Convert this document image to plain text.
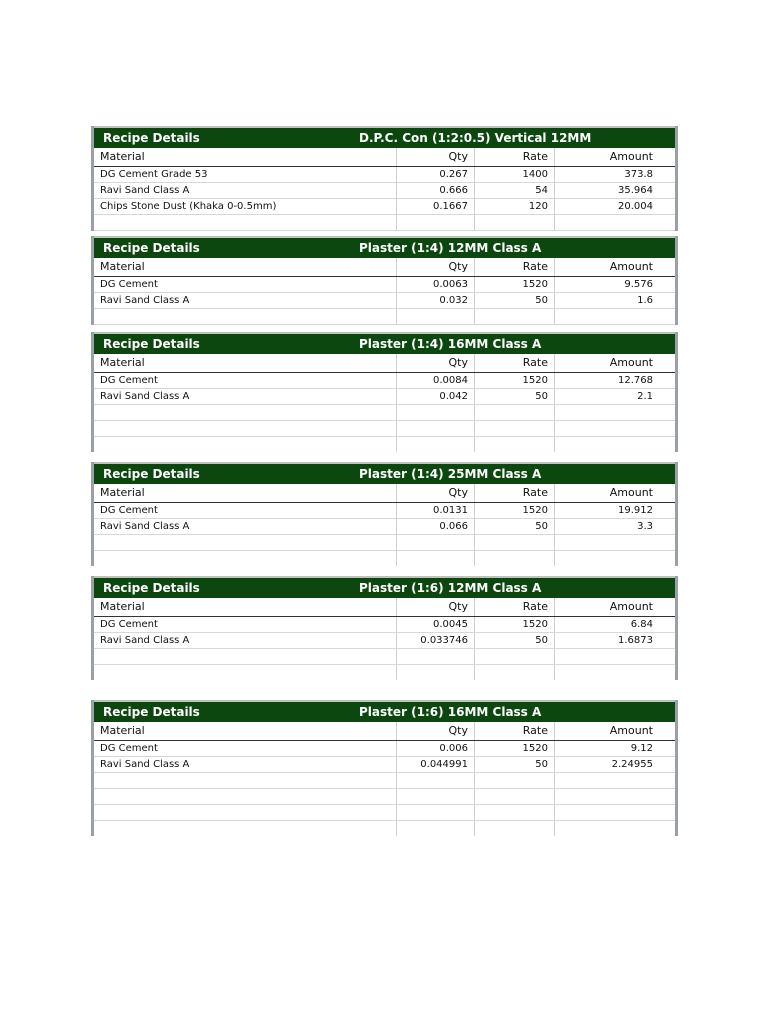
Recipe Details	D.P.C. Con (1:2:0.5) Vertical 12MM
Material	Qty	Rate	Amount
DG Cement Grade 53	0.267	1400	373.8
Ravi Sand Class A	0.666	54	35.964
Chips Stone Dust (Khaka 0-0.5mm)	0.1667	120	20.004
Recipe Details	Plaster (1:4) 12MM Class A
Material	Qty	Rate	Amount
DG Cement	0.0063	1520	9.576
Ravi Sand Class A	0.032	50	1.6
Recipe Details	Plaster (1:4) 16MM Class A
Material	Qty	Rate	Amount
DG Cement	0.0084	1520	12.768
Ravi Sand Class A	0.042	50	2.1
Recipe Details	Plaster (1:4) 25MM Class A
Material	Qty	Rate	Amount
DG Cement	0.0131	1520	19.912
Ravi Sand Class A	0.066	50	3.3
Recipe Details	Plaster (1:6) 12MM Class A
Material	Qty	Rate	Amount
DG Cement	0.0045	1520	6.84
Ravi Sand Class A	0.033746	50	1.6873
Recipe Details	Plaster (1:6) 16MM Class A
Material	Qty	Rate	Amount
DG Cement	0.006	1520	9.12
Ravi Sand Class A	0.044991	50	2.24955
